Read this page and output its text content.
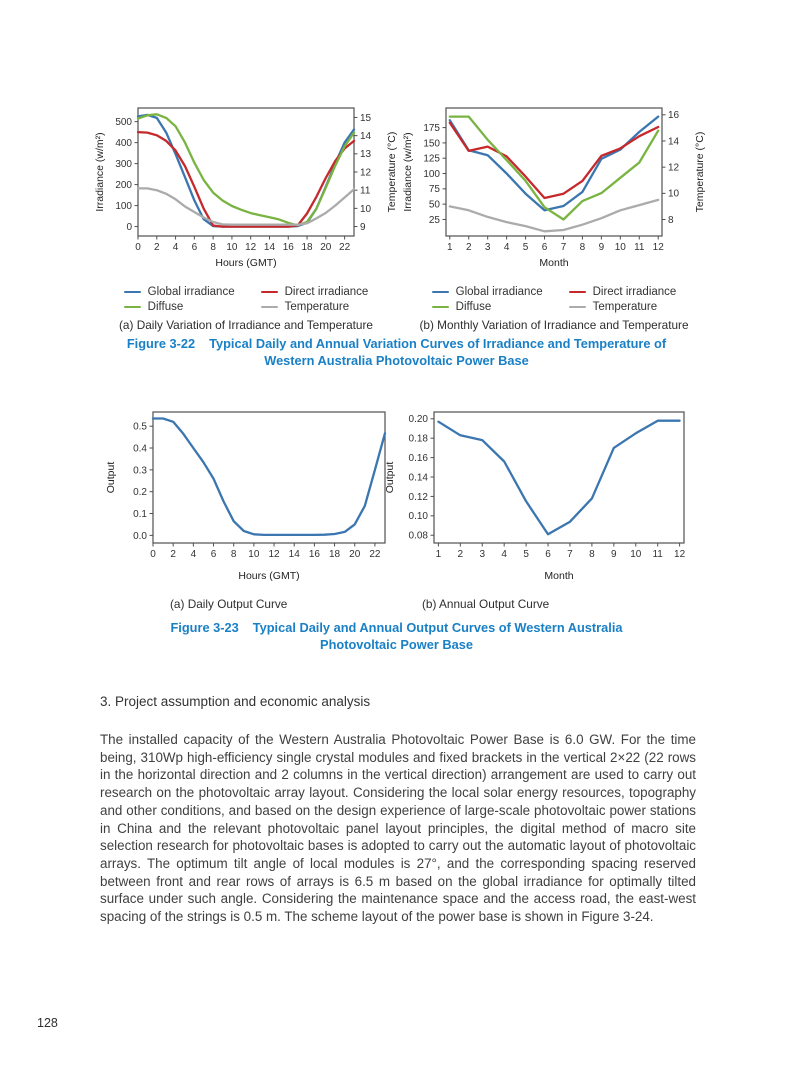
0 2 4 6 8 10 12 14 16 18 20 22
0
100
200
300
400
500
9
10
11
12
13
14
15
Hours (GMT)
Irradiance (w/m²)	Temperature (°C)
Global irradiance	Direct irradiance
Diffuse	Temperature
(a) Daily Variation of Irradiance and Temperature
1 2 3 4 5 6 7 8 9 10 11 12
25
50
75
100
125
150
175
8
10
12
14
16
Month
Irradiance (w/m²)	Temperature (°C)
Global irradiance	Direct irradiance
Diffuse	Temperature
(b) Monthly Variation of Irradiance and Temperature
Figure 3-22 Typical Daily and Annual Variation Curves of Irradiance and Temperature of Western Australia Photovoltaic Power Base
0 2 4 6 8 10 12 14 16 18 20 22
0.0
0.1
0.2
0.3
0.4
0.5
Hours (GMT)
Output
1 2 3 4 5 6 7 8 9 10 11 12
0.08
0.10
0.12
0.14
0.16
0.18
0.20
Month
Output
(a) Daily Output Curve	(b) Annual Output Curve
Figure 3-23 Typical Daily and Annual Output Curves of Western Australia Photovoltaic Power Base
3. Project assumption and economic analysis
The installed capacity of the Western Australia Photovoltaic Power Base is 6.0 GW. For the time being, 310Wp high-efficiency single crystal modules and fixed brackets in the vertical 2×22 (22 rows in the horizontal direction and 2 columns in the vertical direction) arrangement are used to carry out research on the photovoltaic array layout. Considering the local solar energy resources, topography and other conditions, and based on the design experience of large-scale photovoltaic power stations in China and the relevant photovoltaic panel layout principles, the digital method of macro site selection research for photovoltaic bases is adopted to carry out the automatic layout of photovoltaic arrays. The optimum tilt angle of local modules is 27°, and the corresponding spacing reserved between front and rear rows of arrays is 6.5 m based on the global irradiance for optimally tilted surface under such angle. Considering the maintenance space and the access road, the east-west spacing of the strings is 0.5 m. The scheme layout of the power base is shown in Figure 3-24.
128
